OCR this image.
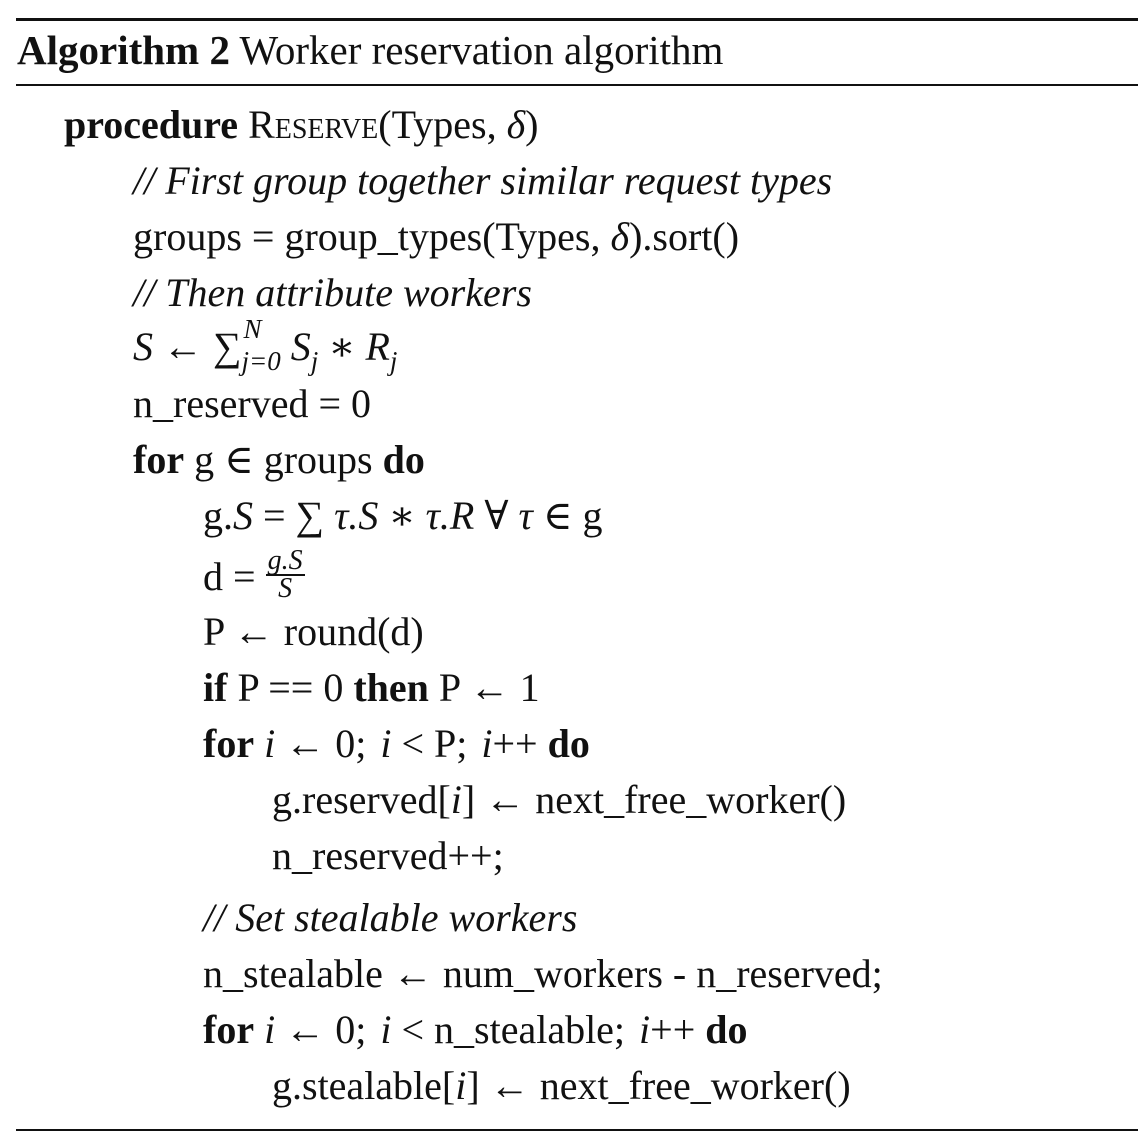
Algorithm 2 Worker reservation algorithm
procedure Reserve(Types, δ)
// First group together similar request types
groups = group_types(Types, δ).sort()
// Then attribute workers
S ← ∑ N
$_{j=0}$ $S_j$ ∗ $R_j$
n_reserved = 0
for g ∈ groups do
g.S = ∑ τ.S ∗ τ.R ∀ τ ∈ g
$d = \frac{g.S}{S}$
P ← round(d)
if P == 0 then P ← 1
for i ← 0; i < P; i++ do
g.reserved[i] ← next_free_worker()
n_reserved++;
// Set stealable workers
n_stealable ← num_workers - n_reserved;
for i ← 0; i < n_stealable; i++ do
g.stealable[i] ← next_free_worker()
